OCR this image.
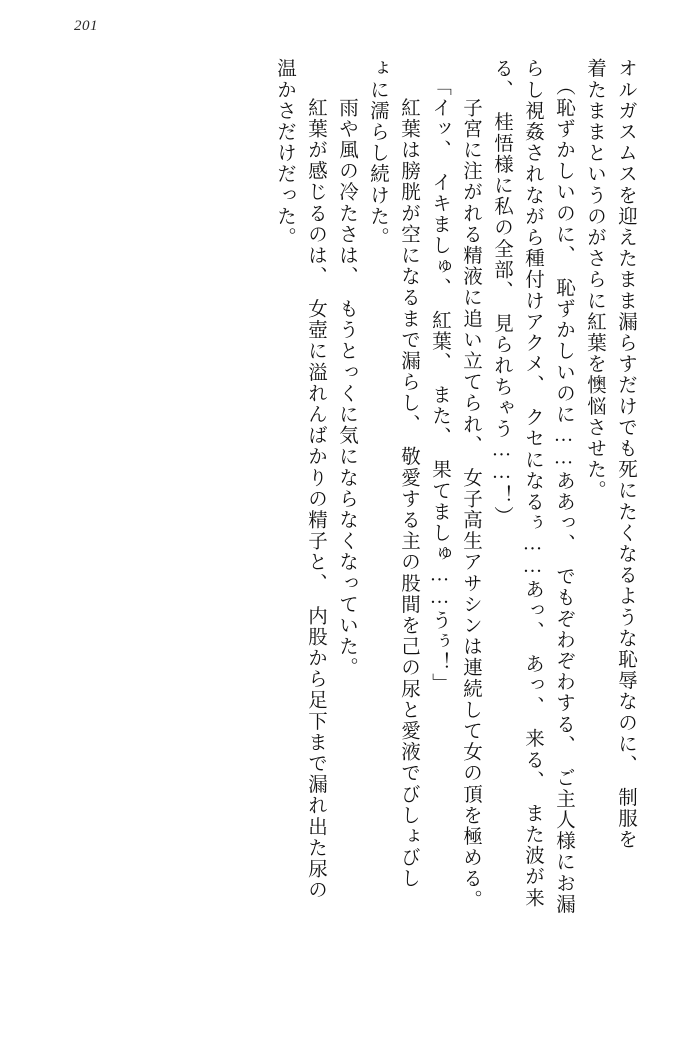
201
オルガスムスを迎えたまま漏らすだけでも死にたくなるような恥辱なのに、　制服を
着たままというのがさらに紅葉を懊悩させた。
（恥ずかしいのに、　恥ずかしいのに……ああっ、　でもぞわぞわする、　ご主人様にお漏
らし視姦されながら種付けアクメ、　クセになるぅ……あっ、　あっ、　来る、　また波が来
る、　桂悟様に私の全部、　見られちゃう……！）
　子宮に注がれる精液に追い立てられ、　女子高生アサシンは連続して女の頂を極める。
「イッ、　イキましゅ、　紅葉、　また、　果てましゅ……うぅ！」
　紅葉は膀胱が空になるまで漏らし、　敬愛する主の股間を己の尿と愛液でびしょびし
ょに濡らし続けた。
　雨や風の冷たさは、　もうとっくに気にならなくなっていた。
　紅葉が感じるのは、　女壺に溢れんばかりの精子と、　内股から足下まで漏れ出た尿の
温かさだけだった。
